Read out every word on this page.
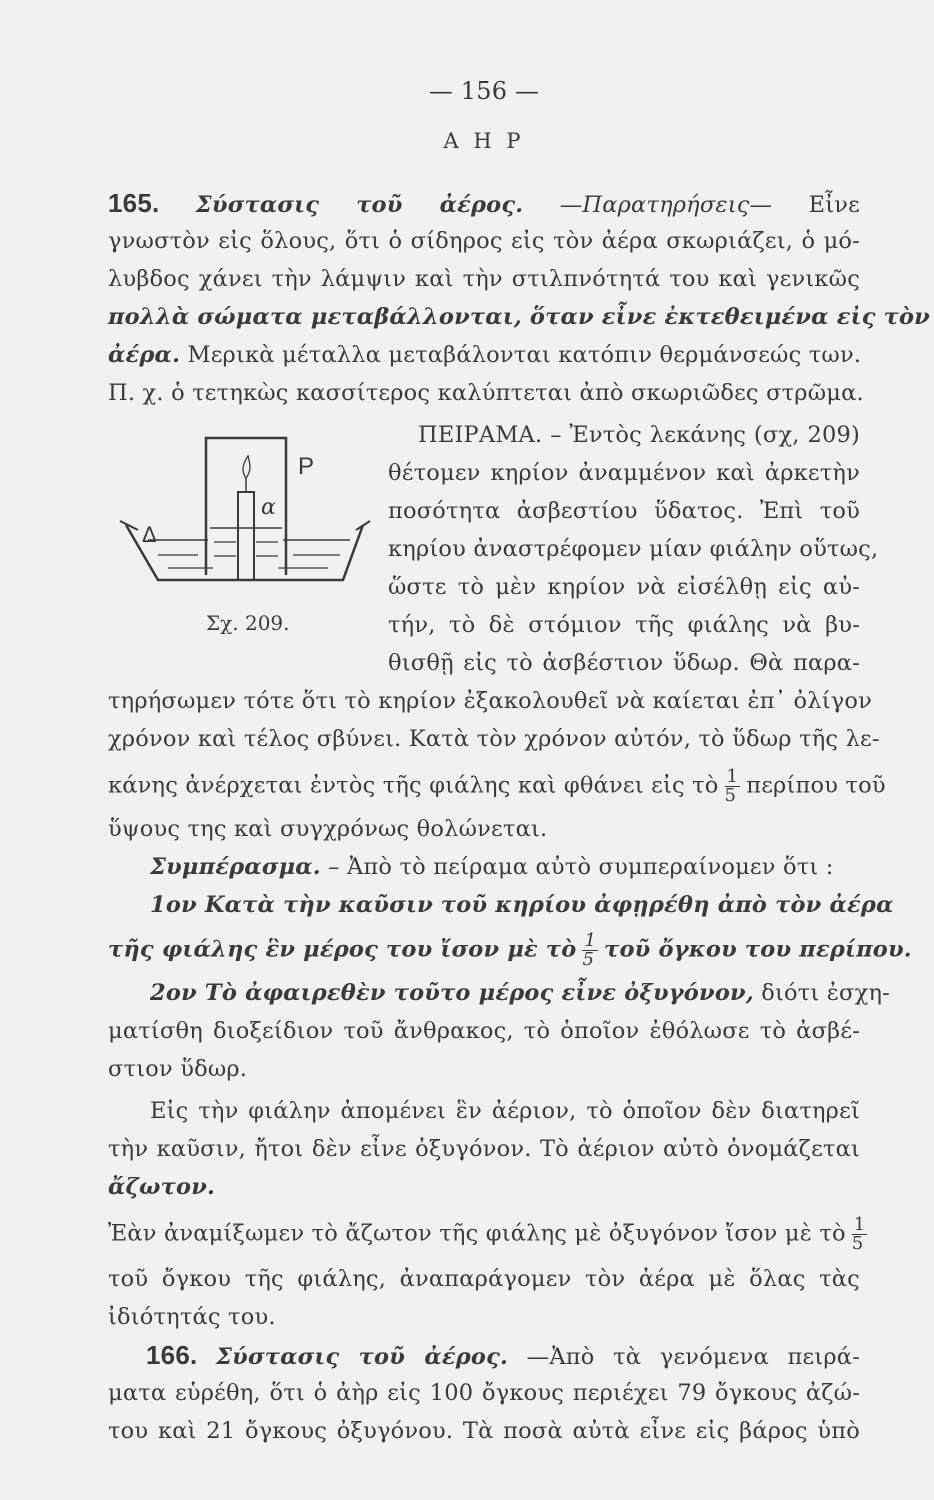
— 156 —
Α Η Ρ
165. Σύστασις τοῦ ἀέρος. —Παρατηρήσεις— Εἶνε
γνωστὸν εἰς ὅλους, ὅτι ὁ σίδηρος εἰς τὸν ἀέρα σκωριάζει, ὁ μό-
λυβδος χάνει τὴν λάμψιν καὶ τὴν στιλπνότητά του καὶ γενικῶς
πολλὰ σώματα μεταβάλλονται, ὅταν εἶνε ἐκτεθειμένα εἰς τὸν
ἀέρα. Μερικὰ μέταλλα μεταβάλονται κατόπιν θερμάνσεώς των.
Π. χ. ὁ τετηκὼς κασσίτερος καλύπτεται ἀπὸ σκωριῶδες στρῶμα.
ΠΕΙΡΑΜΑ. – Ἐντὸς λεκάνης (σχ, 209)
θέτομεν κηρίον ἀναμμένον καὶ ἀρκετὴν
ποσότητα ἀσβεστίου ὕδατος. Ἐπὶ τοῦ
κηρίου ἀναστρέφομεν μίαν φιάλην οὕτως,
ὥστε τὸ μὲν κηρίον νὰ εἰσέλθῃ εἰς αὐ-
τήν, τὸ δὲ στόμιον τῆς φιάλης νὰ βυ-
θισθῇ εἰς τὸ ἀσβέστιον ὕδωρ. Θὰ παρα-
Ρ
α
Δ
Σχ. 209.
τηρήσωμεν τότε ὅτι τὸ κηρίον ἐξακολουθεῖ νὰ καίεται ἐπ᾽ ὀλίγον
χρόνον καὶ τέλος σβύνει. Κατὰ τὸν χρόνον αὐτόν, τὸ ὕδωρ τῆς λε-
κάνης ἀνέρχεται ἐντὸς τῆς φιάλης καὶ φθάνει εἰς τὸ $\frac{1}{5}$ περίπου τοῦ
ὕψους της καὶ συγχρόνως θολώνεται.
Συμπέρασμα. – Ἀπὸ τὸ πείραμα αὐτὸ συμπεραίνομεν ὅτι :
1ον Κατὰ τὴν καῦσιν τοῦ κηρίου ἀφῃρέθη ἀπὸ τὸν ἀέρα
τῆς φιάλης ἓν μέρος του ἴσον μὲ τὸ $\frac{1}{5}$ τοῦ ὄγκου του περίπου.
2ον Τὸ ἀφαιρεθὲν τοῦτο μέρος εἶνε ὀξυγόνον, διότι ἐσχη-
ματίσθη διοξείδιον τοῦ ἄνθρακος, τὸ ὁποῖον ἐθόλωσε τὸ ἀσβέ-
στιον ὕδωρ.
Εἰς τὴν φιάλην ἀπομένει ἓν ἀέριον, τὸ ὁποῖον δὲν διατηρεῖ
τὴν καῦσιν, ἤτοι δὲν εἶνε ὀξυγόνον. Τὸ ἀέριον αὐτὸ ὀνομάζεται
ἄζωτον.
Ἐὰν ἀναμίξωμεν τὸ ἄζωτον τῆς φιάλης μὲ ὀξυγόνον ἴσον μὲ τὸ $\frac{1}{5}$
τοῦ ὄγκου τῆς φιάλης, ἀναπαράγομεν τὸν ἀέρα μὲ ὅλας τὰς
ἰδιότητάς του.
166. Σύστασις τοῦ ἀέρος. —Ἀπὸ τὰ γενόμενα πειρά-
ματα εὑρέθη, ὅτι ὁ ἀὴρ εἰς 100 ὄγκους περιέχει 79 ὄγκους ἀζώ-
του καὶ 21 ὄγκους ὀξυγόνου. Τὰ ποσὰ αὐτὰ εἶνε εἰς βάρος ὑπὸ
